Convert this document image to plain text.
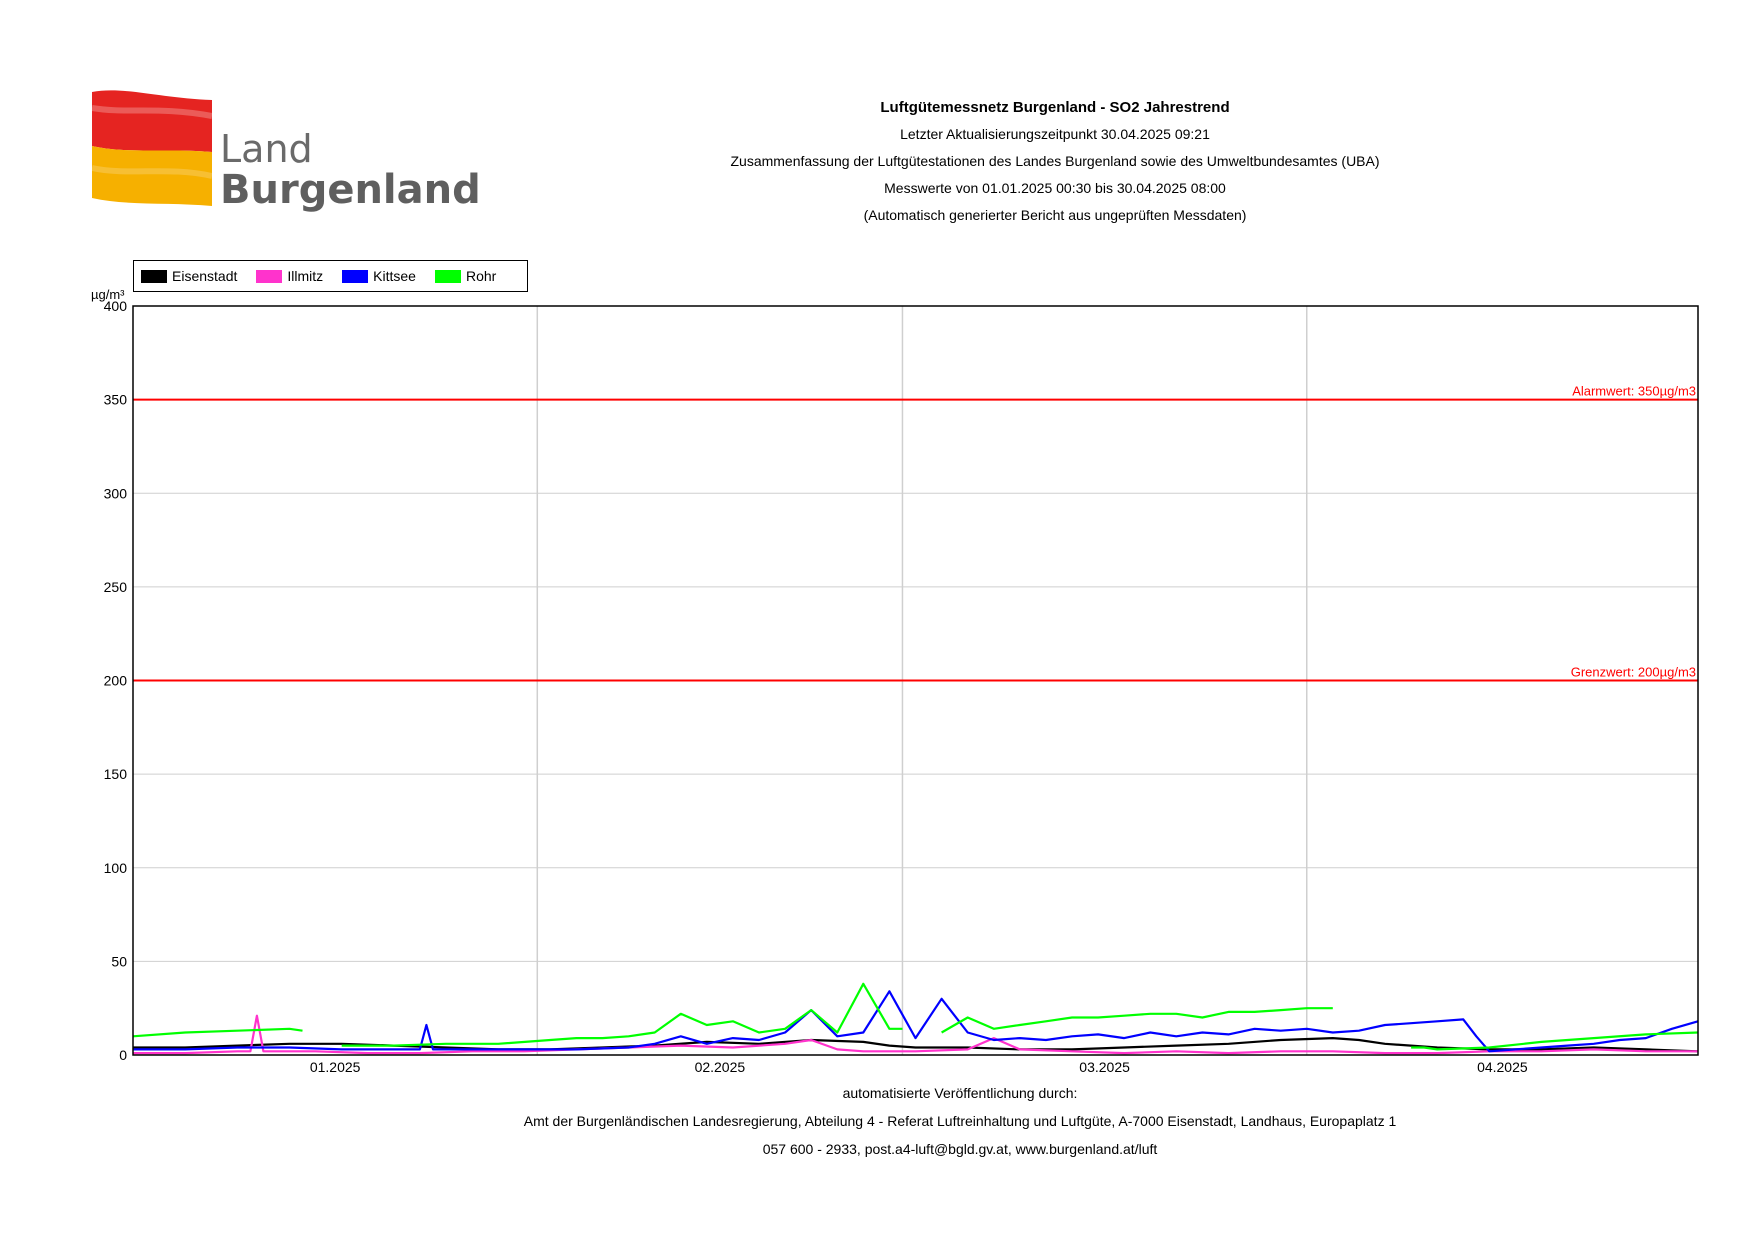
Land
Burgenland
Luftgütemessnetz Burgenland - SO2 Jahrestrend
Letzter Aktualisierungszeitpunkt 30.04.2025 09:21
Zusammenfassung der Luftgütestationen des Landes Burgenland sowie des Umweltbundesamtes (UBA)
Messwerte von 01.01.2025 00:30 bis 30.04.2025 08:00
(Automatisch generierter Bericht aus ungeprüften Messdaten)
0
50
100
150
200
250
300
350
400
01.2025	02.2025	03.2025	04.2025
µg/m³
Alarmwert: 350µg/m3
Grenzwert: 200µg/m3
Eisenstadt	Illmitz	Kittsee	Rohr
automatisierte Veröffentlichung durch:
Amt der Burgenländischen Landesregierung, Abteilung 4 - Referat Luftreinhaltung und Luftgüte, A-7000 Eisenstadt, Landhaus, Europaplatz 1
057 600 - 2933, post.a4-luft@bgld.gv.at, www.burgenland.at/luft
